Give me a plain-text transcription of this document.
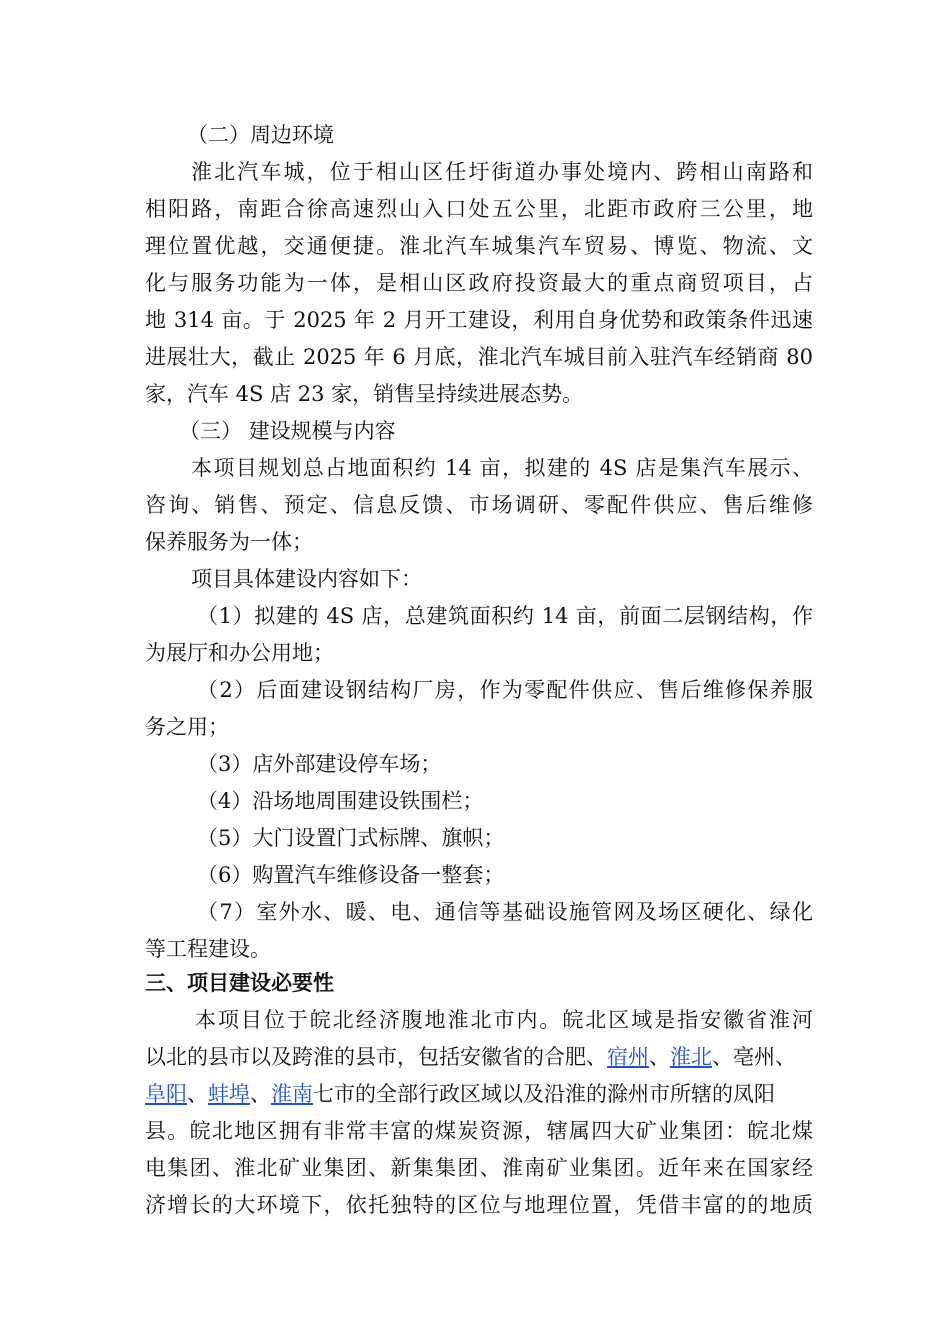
（二）周边环境
淮北汽车城，位于相山区任圩街道办事处境内、跨相山南路和
相阳路，南距合徐高速烈山入口处五公里，北距市政府三公里，地
理位置优越，交通便捷。淮北汽车城集汽车贸易、博览、物流、文
化与服务功能为一体，是相山区政府投资最大的重点商贸项目，占
地 314 亩。于 2025 年 2 月开工建设，利用自身优势和政策条件迅速
进展壮大，截止 2025 年 6 月底，淮北汽车城目前入驻汽车经销商 80
家，汽车 4S 店 23 家，销售呈持续进展态势。
（三） 建设规模与内容
本项目规划总占地面积约 14 亩，拟建的 4S 店是集汽车展示、
咨询、销售、预定、信息反馈、市场调研、零配件供应、售后维修
保养服务为一体；
项目具体建设内容如下：
（1）拟建的 4S 店，总建筑面积约 14 亩，前面二层钢结构，作
为展厅和办公用地；
（2）后面建设钢结构厂房，作为零配件供应、售后维修保养服
务之用；
（3）店外部建设停车场；
（4）沿场地周围建设铁围栏；
（5）大门设置门式标牌、旗帜；
（6）购置汽车维修设备一整套；
（7）室外水、暖、电、通信等基础设施管网及场区硬化、绿化
等工程建设。
三、项目建设必要性
本项目位于皖北经济腹地淮北市内。皖北区域是指安徽省淮河
以北的县市以及跨淮的县市，包括安徽省的合肥、宿州、淮北、亳州、
阜阳、蚌埠、淮南七市的全部行政区域以及沿淮的滁州市所辖的凤阳
县。皖北地区拥有非常丰富的煤炭资源，辖属四大矿业集团：皖北煤
电集团、淮北矿业集团、新集集团、淮南矿业集团。近年来在国家经
济增长的大环境下，依托独特的区位与地理位置，凭借丰富的的地质
